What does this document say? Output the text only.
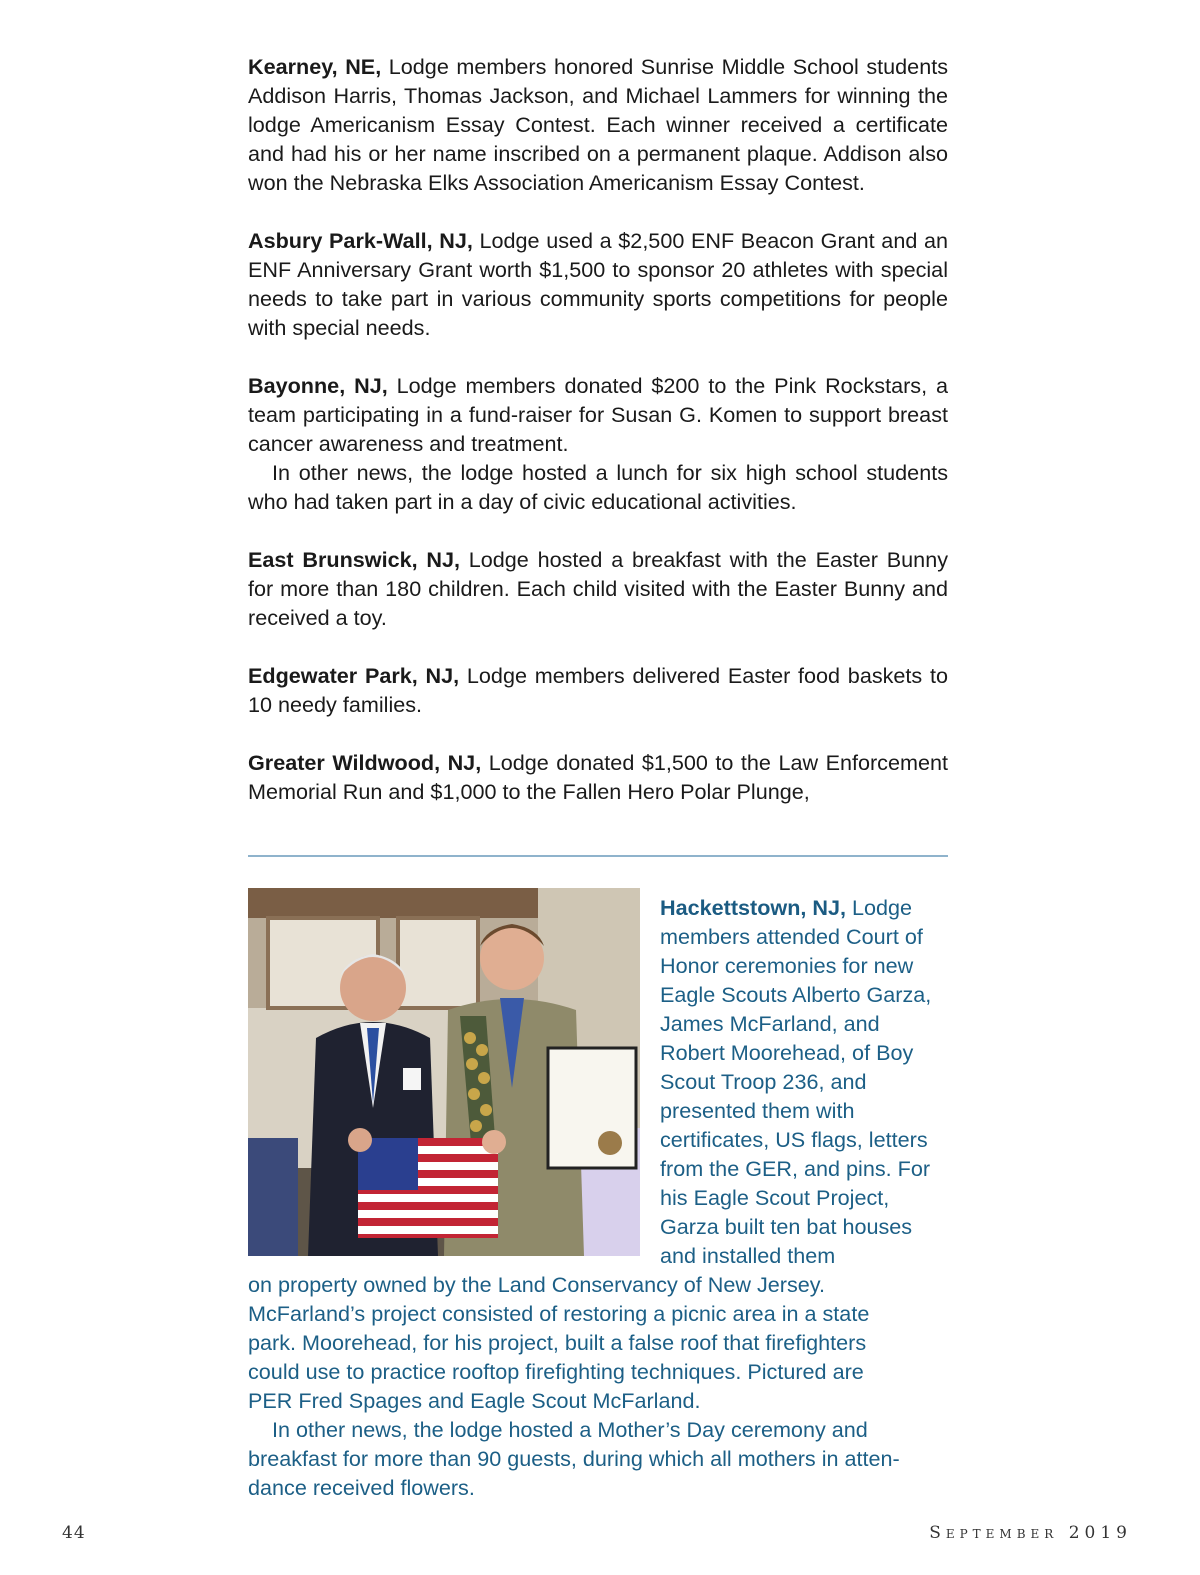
Kearney, NE, Lodge members honored Sunrise Middle School students Addison Harris, Thomas Jackson, and Michael Lammers for winning the lodge Americanism Essay Contest. Each winner received a certificate and had his or her name inscribed on a permanent plaque. Addison also won the Nebraska Elks Association Americanism Essay Contest.

Asbury Park-Wall, NJ, Lodge used a $2,500 ENF Beacon Grant and an ENF Anniversary Grant worth $1,500 to sponsor 20 athletes with special needs to take part in various community sports competitions for people with special needs.

Bayonne, NJ, Lodge members donated $200 to the Pink Rockstars, a team participating in a fund-raiser for Susan G. Komen to support breast cancer awareness and treatment.
In other news, the lodge hosted a lunch for six high school students who had taken part in a day of civic educational activities.

East Brunswick, NJ, Lodge hosted a breakfast with the Easter Bunny for more than 180 children. Each child visited with the Easter Bunny and received a toy.

Edgewater Park, NJ, Lodge members delivered Easter food baskets to 10 needy families.

Greater Wildwood, NJ, Lodge donated $1,500 to the Law Enforcement Memorial Run and $1,000 to the Fallen Hero Polar Plunge,

Hackettstown, NJ, Lodge members attended Court of Honor ceremonies for new Eagle Scouts Alberto Garza, James McFarland, and Robert Moorehead, of Boy Scout Troop 236, and presented them with certificates, US flags, letters from the GER, and pins. For his Eagle Scout Project, Garza built ten bat houses and installed them
on property owned by the Land Conservancy of New Jersey.
McFarland’s project consisted of restoring a picnic area in a state
park. Moorehead, for his project, built a false roof that firefighters
could use to practice rooftop firefighting techniques. Pictured are
PER Fred Spages and Eagle Scout McFarland.
In other news, the lodge hosted a Mother’s Day ceremony and
breakfast for more than 90 guests, during which all mothers in atten-
dance received flowers.
44	September 2019
